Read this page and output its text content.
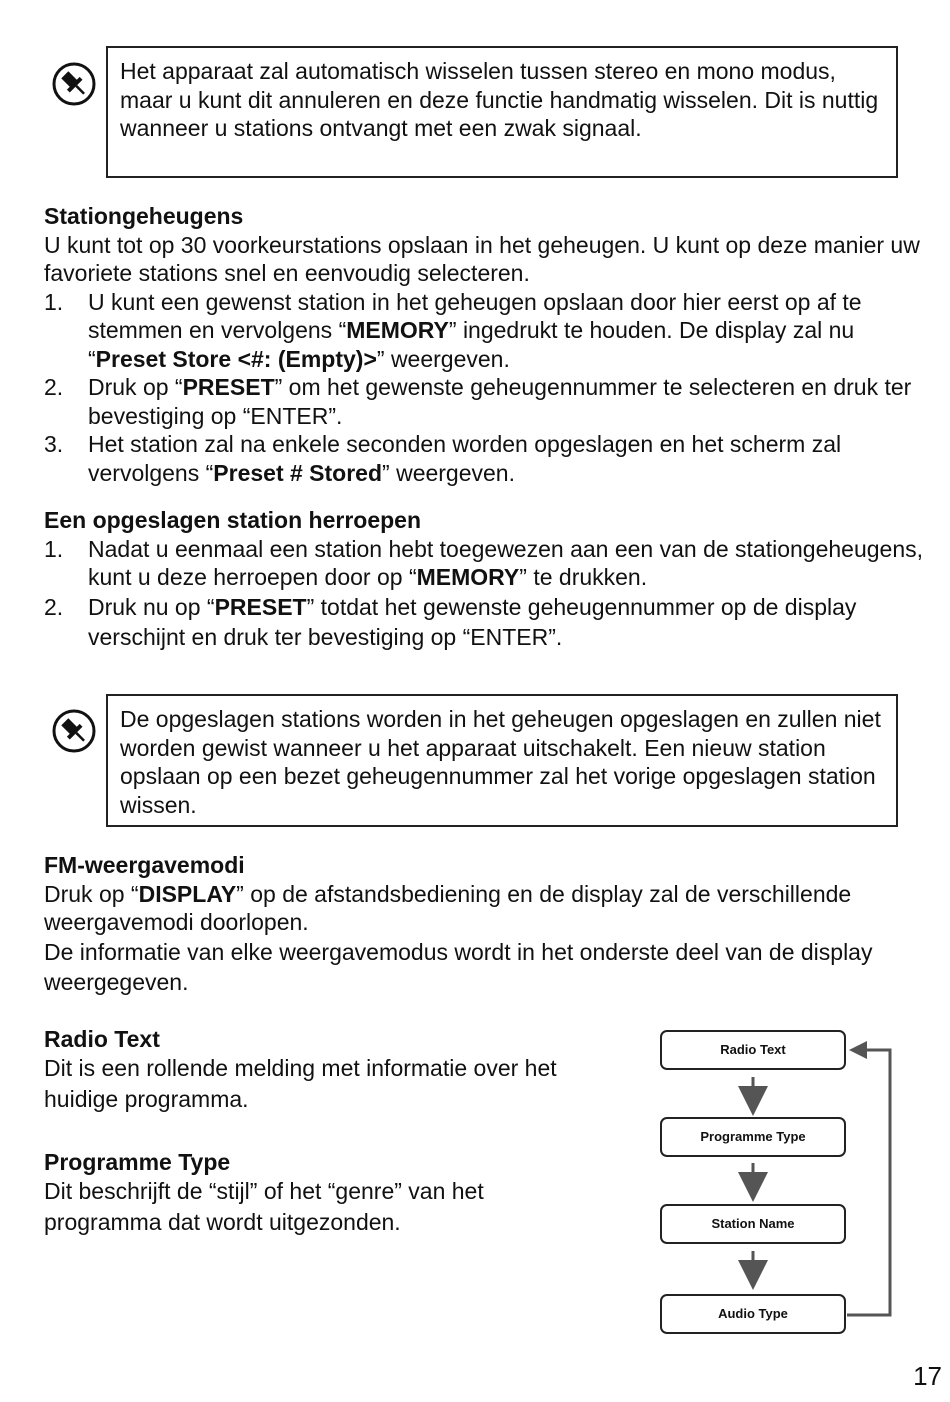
Het apparaat zal automatisch wisselen tussen stereo en mono modus, maar u kunt dit annuleren en deze functie handmatig wisselen. Dit is nuttig wanneer u stations ontvangt met een zwak signaal.

Stationgeheugens

U kunt tot op 30 voorkeurstations opslaan in het geheugen. U kunt op deze manier uw favoriete stations snel en eenvoudig selecteren.

1. U kunt een gewenst station in het geheugen opslaan door hier eerst op af te stemmen en vervolgens “MEMORY” ingedrukt te houden. De display zal nu “Preset Store <#: (Empty)>” weergeven.
2. Druk op “PRESET” om het gewenste geheugennummer te selecteren en druk ter bevestiging op “ENTER”.
3. Het station zal na enkele seconden worden opgeslagen en het scherm zal vervolgens “Preset # Stored” weergeven.
Een opgeslagen station herroepen
1. Nadat u eenmaal een station hebt toegewezen aan een van de stationgeheugens, kunt u deze herroepen door op “MEMORY” te drukken.
2. Druk nu op “PRESET” totdat het gewenste geheugennummer op de display verschijnt en druk ter bevestiging op “ENTER”.

De opgeslagen stations worden in het geheugen opgeslagen en zullen niet worden gewist wanneer u het apparaat uitschakelt. Een nieuw station opslaan op een bezet geheugennummer zal het vorige opgeslagen station wissen.

FM-weergavemodi

Druk op “DISPLAY” op de afstandsbediening en de display zal de verschillende weergavemodi doorlopen.

De informatie van elke weergavemodus wordt in het onderste deel van de display weergegeven.

Radio Text

Dit is een rollende melding met informatie over het huidige programma.

Programme Type

Dit beschrijft de “stijl” of het “genre” van het programma dat wordt uitgezonden.

Radio Text
Programme Type
Station Name
Audio Type
17
